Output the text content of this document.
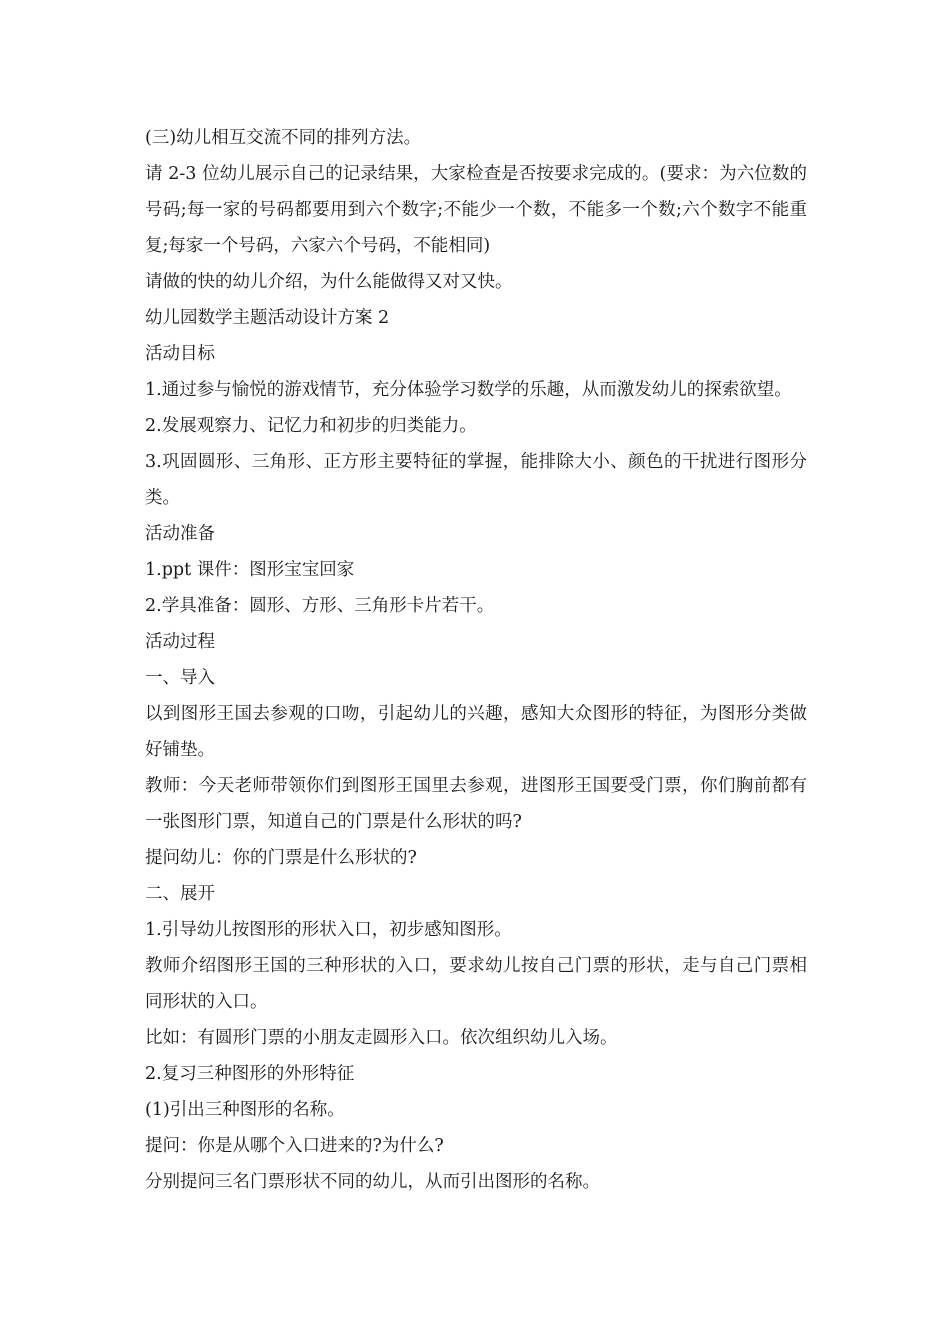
(三)幼儿相互交流不同的排列方法。

请 2-3 位幼儿展示自己的记录结果，大家检查是否按要求完成的。(要求：为六位数的号码;每一家的号码都要用到六个数字;不能少一个数，不能多一个数;六个数字不能重复;每家一个号码，六家六个号码，不能相同)

请做的快的幼儿介绍，为什么能做得又对又快。

幼儿园数学主题活动设计方案 2

活动目标

1.通过参与愉悦的游戏情节，充分体验学习数学的乐趣，从而激发幼儿的探索欲望。

2.发展观察力、记忆力和初步的归类能力。

3.巩固圆形、三角形、正方形主要特征的掌握，能排除大小、颜色的干扰进行图形分类。

活动准备

1.ppt 课件：图形宝宝回家

2.学具准备：圆形、方形、三角形卡片若干。

活动过程

一、导入

以到图形王国去参观的口吻，引起幼儿的兴趣，感知大众图形的特征，为图形分类做好铺垫。

教师：今天老师带领你们到图形王国里去参观，进图形王国要受门票，你们胸前都有一张图形门票，知道自己的门票是什么形状的吗?

提问幼儿：你的门票是什么形状的?

二、展开

1.引导幼儿按图形的形状入口，初步感知图形。

教师介绍图形王国的三种形状的入口，要求幼儿按自己门票的形状，走与自己门票相同形状的入口。

比如：有圆形门票的小朋友走圆形入口。依次组织幼儿入场。

2.复习三种图形的外形特征

(1)引出三种图形的名称。

提问：你是从哪个入口进来的?为什么?

分别提问三名门票形状不同的幼儿，从而引出图形的名称。
